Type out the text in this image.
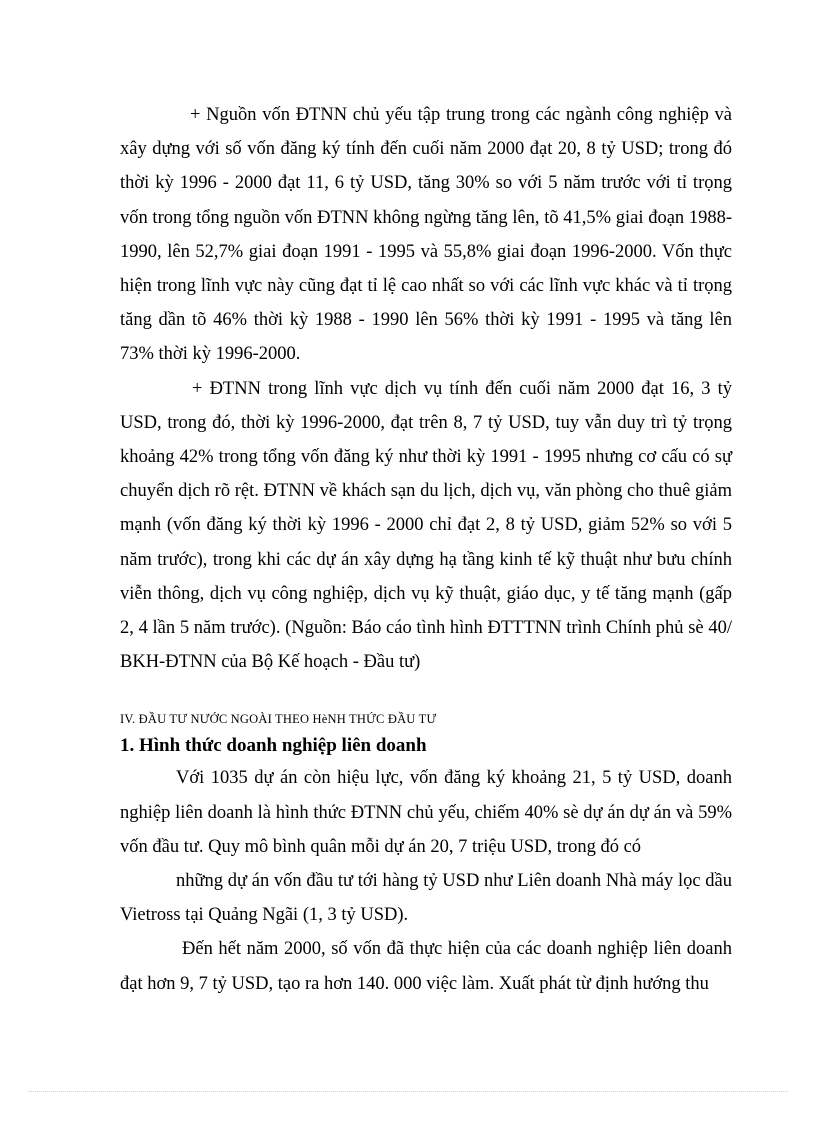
+ Nguồn vốn ĐTNN chủ yếu tập trung trong các ngành công nghiệp và xây dựng với số vốn đăng ký tính đến cuối năm 2000 đạt 20, 8 tỷ USD; trong đó thời kỳ 1996 - 2000 đạt 11, 6 tỷ USD, tăng 30% so với 5 năm trước với tỉ trọng vốn trong tổng nguồn vốn ĐTNN không ngừng tăng lên, tõ 41,5% giai đoạn 1988-1990, lên 52,7% giai đoạn 1991 - 1995 và 55,8% giai đoạn 1996-2000. Vốn thực hiện trong lĩnh vực này cũng đạt tỉ lệ cao nhất so với các lĩnh vực khác và tỉ trọng tăng dần tõ 46% thời kỳ 1988 - 1990 lên 56% thời kỳ 1991 - 1995 và tăng lên 73% thời kỳ 1996-2000.

+ ĐTNN trong lĩnh vực dịch vụ tính đến cuối năm 2000 đạt 16, 3 tỷ USD, trong đó, thời kỳ 1996-2000, đạt trên 8, 7 tỷ USD, tuy vẫn duy trì tỷ trọng khoảng 42% trong tổng vốn đăng ký như thời kỳ 1991 - 1995 nhưng cơ cấu có sự chuyển dịch rõ rệt. ĐTNN về khách sạn du lịch, dịch vụ, văn phòng cho thuê giảm mạnh (vốn đăng ký thời kỳ 1996 - 2000 chỉ đạt 2, 8 tỷ USD, giảm 52% so với 5 năm trước), trong khi các dự án xây dựng hạ tầng kinh tế kỹ thuật như bưu chính viễn thông, dịch vụ công nghiệp, dịch vụ kỹ thuật, giáo dục, y tế tăng mạnh (gấp 2, 4 lần 5 năm trước). (Nguồn: Báo cáo tình hình ĐTTTNN trình Chính phủ sè 40/ BKH-ĐTNN của Bộ Kế hoạch - Đầu tư)

IV. ĐẦU TƯ NƯỚC NGOÀI THEO HèNH THỨC ĐẦU TƯ
1. Hình thức doanh nghiệp liên doanh

Với 1035 dự án còn hiệu lực, vốn đăng ký khoảng 21, 5 tỷ USD, doanh nghiệp liên doanh là hình thức ĐTNN chủ yếu, chiếm 40% sè dự án dự án và 59% vốn đầu tư. Quy mô bình quân mỗi dự án 20, 7 triệu USD, trong đó có

những dự án vốn đầu tư tới hàng tỷ USD như Liên doanh Nhà máy lọc dầu Vietross tại Quảng Ngãi (1, 3 tỷ USD).

Đến hết năm 2000, số vốn đã thực hiện của các doanh nghiệp liên doanh đạt hơn 9, 7 tỷ USD, tạo ra hơn 140. 000 việc làm. Xuất phát từ định hướng thu
